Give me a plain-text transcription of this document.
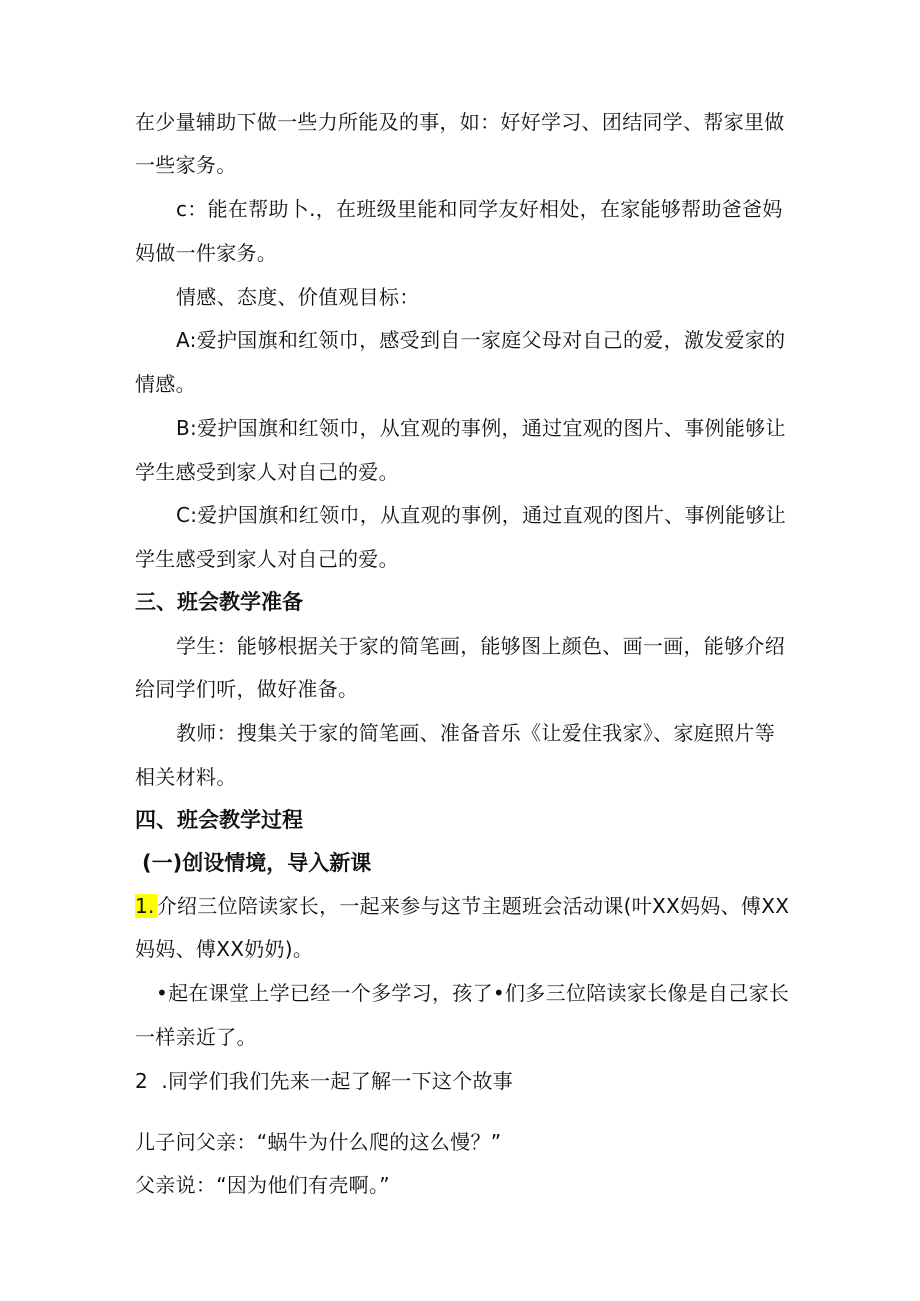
在少量辅助下做一些力所能及的事，如：好好学习、团结同学、帮家里做

一些家务。

c：能在帮助卜.，在班级里能和同学友好相处，在家能够帮助爸爸妈

妈做一件家务。

情感、态度、价值观目标：

A:爱护国旗和红领巾，感受到自一家庭父母对自己的爱，激发爱家的

情感。

B:爱护国旗和红领巾，从宜观的事例，通过宜观的图片、事例能够让

学生感受到家人对自己的爱。

C:爱护国旗和红领巾，从直观的事例，通过直观的图片、事例能够让

学生感受到家人对自己的爱。

三、班会教学准备

学生：能够根据关于家的简笔画，能够图上颜色、画一画，能够介绍

给同学们听，做好准备。

教师：搜集关于家的简笔画、准备音乐《让爱住我家》、家庭照片等

相关材料。

四、班会教学过程

(一)创设情境，导入新课

1. 介绍三位陪读家长，一起来参与这节主题班会活动课(叶XX妈妈、傅XX

妈妈、傅XX奶奶)。

•起在课堂上学已经一个多学习，孩了•们多三位陪读家长像是自己家长

一样亲近了。

2  .同学们我们先来一起了解一下这个故事

儿子问父亲：“蜗牛为什么爬的这么慢？”

父亲说：“因为他们有壳啊。”
